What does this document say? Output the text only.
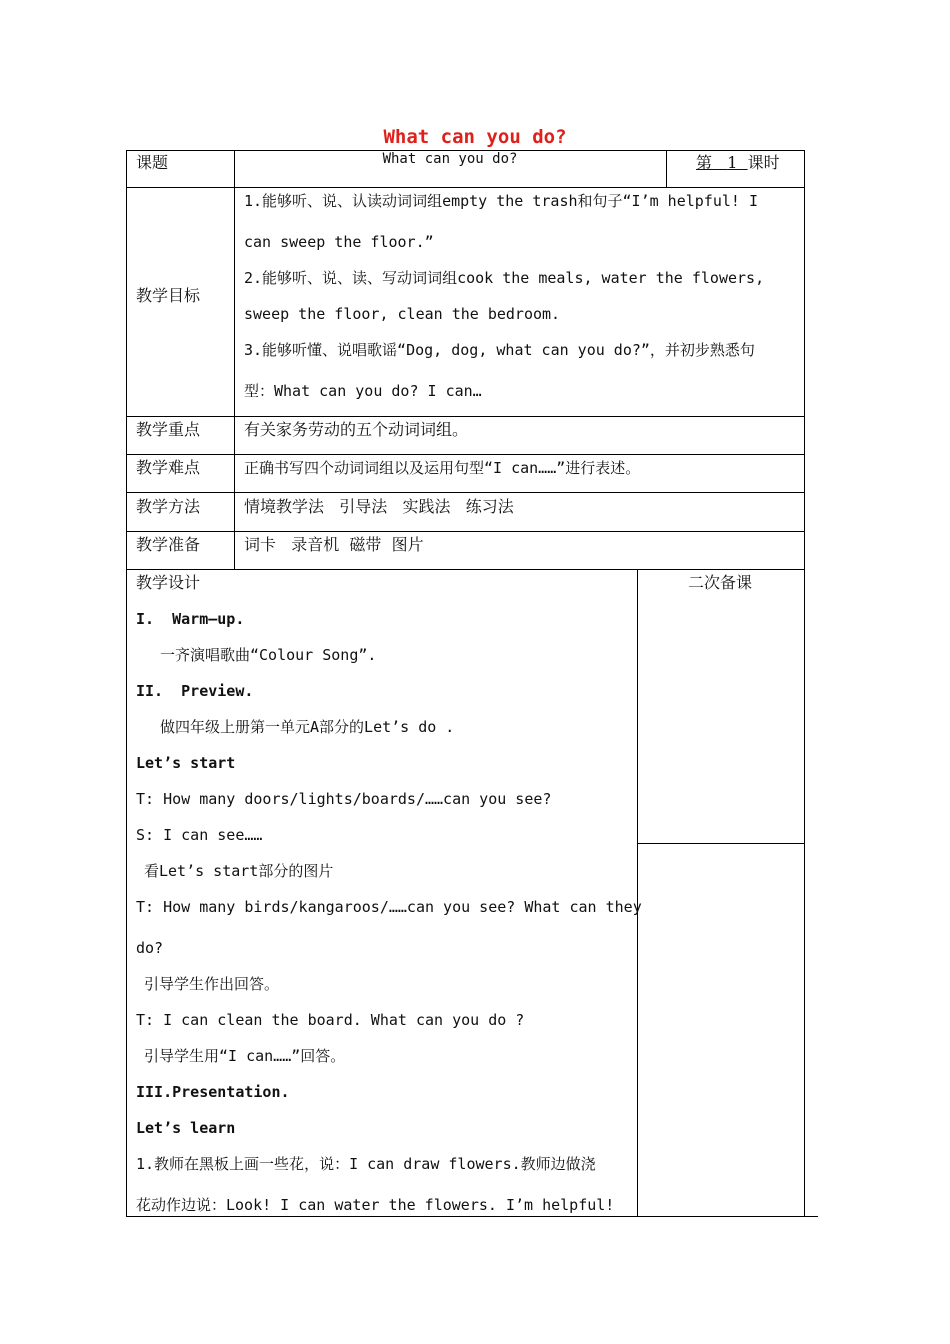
What can you do?
课题	What can you do?	第 1 课时
教学目标
1.能够听、说、认读动词词组empty the trash和句子“I’m helpful! I
can sweep the floor.”
2.能够听、说、读、写动词词组cook the meals, water the flowers,
sweep the floor, clean the bedroom.
3.能够听懂、说唱歌谣“Dog, dog, what can you do?”，并初步熟悉句
型：What can you do? I can…
教学重点	有关家务劳动的五个动词词组。
教学难点	正确书写四个动词词组以及运用句型“I can……”进行表述。
教学方法	情境教学法   引导法   实践法   练习法
教学准备	词卡   录音机  磁带  图片
教学设计	二次备课
I.  Warm—up.
一齐演唱歌曲“Colour Song”.
II.  Preview.
做四年级上册第一单元A部分的Let’s do .
Let’s start
T: How many doors/lights/boards/……can you see?
S: I can see……
看Let’s start部分的图片
T: How many birds/kangaroos/……can you see? What can they
do?
引导学生作出回答。
T: I can clean the board. What can you do ?
引导学生用“I can……”回答。
III.Presentation.
Let’s learn
1.教师在黑板上画一些花，说：I can draw flowers.教师边做浇
花动作边说：Look! I can water the flowers. I’m helpful!
